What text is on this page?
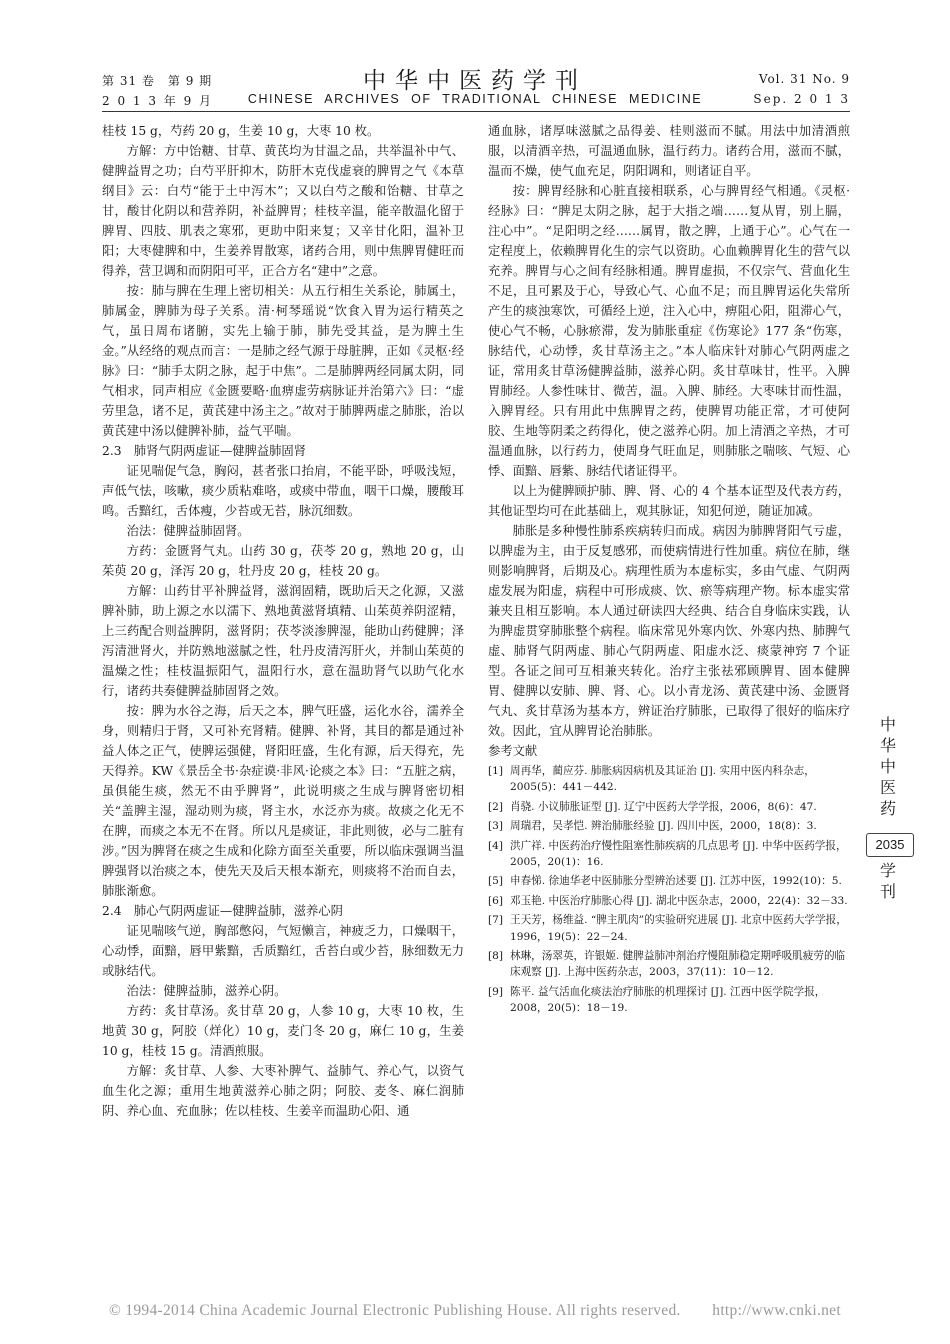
第 31 卷　第 9 期
2 0 1 3 年 9 月
中华中医药学刊
CHINESE ARCHIVES OF TRADITIONAL CHINESE MEDICINE
Vol. 31 No. 9
Sep. 2 0 1 3

桂枝 15 g，芍药 20 g，生姜 10 g，大枣 10 枚。

方解：方中饴糖、甘草、黄芪均为甘温之品，共举温补中气、健脾益胃之功；白芍平肝抑木，防肝木克伐虚衰的脾胃之气《本草纲目》云：白芍“能于土中泻木”；又以白芍之酸和饴糖、甘草之甘，酸甘化阴以和营养阴，补益脾胃；桂枝辛温，能辛散温化留于脾胃、四肢、肌表之寒邪，更助中阳来复；又辛甘化阳，温补卫阳；大枣健脾和中，生姜养胃散寒，诸药合用，则中焦脾胃健旺而得养，营卫调和而阴阳可平，正合方名“建中”之意。

按：肺与脾在生理上密切相关：从五行相生关系论，肺属土，肺属金，脾肺为母子关系。清·柯琴瑶说“饮食入胃为运行精英之气，虽日周布诸腑，实先上输于肺，肺先受其益，是为脾土生金。”从经络的观点而言：一是肺之经气源于母脏脾，正如《灵枢·经脉》曰：“肺手太阴之脉，起于中焦”。二是肺脾两经同属太阴，同气相求，同声相应《金匮要略·血痹虚劳病脉证并治第六》曰：“虚劳里急，诸不足，黄芪建中汤主之。”故对于肺脾两虚之肺胀，治以黄芪建中汤以健脾补肺，益气平喘。

2.3　肺肾气阴两虚证—健脾益肺固肾

证见喘促气急，胸闷，甚者张口抬肩，不能平卧，呼吸浅短，声低气怯，咳嗽，痰少质粘难咯，或痰中带血，咽干口燥，腰酸耳鸣。舌黯红，舌体瘦，少苔或无苔，脉沉细数。

治法：健脾益肺固肾。

方药：金匮肾气丸。山药 30 g，茯苓 20 g，熟地 20 g，山茱萸 20 g，泽泻 20 g，牡丹皮 20 g，桂枝 20 g。

方解：山药甘平补脾益肾，滋润固精，既助后天之化源，又滋脾补肺，助上源之水以濡下、熟地黄滋肾填精、山茱萸养阴涩精，上三药配合则益脾阴，滋肾阴；茯苓淡渗脾湿，能助山药健脾；泽泻清泄肾火，并防熟地滋腻之性，牡丹皮清泻肝火，并制山茱萸的温燥之性；桂枝温振阳气，温阳行水，意在温助肾气以助气化水行，诸药共奏健脾益肺固肾之效。

按：脾为水谷之海，后天之本，脾气旺盛，运化水谷，濡养全身，则精归于肾，又可补充肾精。健脾、补肾，其目的都是通过补益人体之正气，使脾运强健，肾阳旺盛，生化有源，后天得充，先天得养。KW《景岳全书·杂症谟·非风·论痰之本》曰：“五脏之病，虽俱能生痰，然无不由乎脾肾”，此说明痰之生成与脾肾密切相关“盖脾主湿，湿动则为痰，肾主水，水泛亦为痰。故痰之化无不在脾，而痰之本无不在肾。所以凡是痰证，非此则彼，必与二脏有涉。”因为脾肾在痰之生成和化除方面至关重要，所以临床强调当温脾强肾以治痰之本，使先天及后天根本渐充，则痰将不治而自去，肺胀渐愈。

2.4　肺心气阴两虚证—健脾益肺，滋养心阴

证见喘咳气逆，胸部憋闷，气短懒言，神疲乏力，口燥咽干，心动悸，面黯，唇甲紫黯，舌质黯红，舌苔白或少苔，脉细数无力或脉结代。

治法：健脾益肺，滋养心阴。

方药：炙甘草汤。炙甘草 20 g，人参 10 g，大枣 10 枚，生地黄 30 g，阿胶（烊化）10 g，麦门冬 20 g，麻仁 10 g，生姜 10 g，桂枝 15 g。清酒煎服。

方解：炙甘草、人参、大枣补脾气、益肺气、养心气，以资气血生化之源；重用生地黄滋养心肺之阴；阿胶、麦冬、麻仁润肺阴、养心血、充血脉；佐以桂枝、生姜辛而温助心阳、通

通血脉，诸厚味滋腻之品得姜、桂则滋而不腻。用法中加清酒煎服，以清酒辛热，可温通血脉，温行药力。诸药合用，滋而不腻，温而不燥，使气血充足，阴阳调和，则诸证自平。

按：脾胃经脉和心脏直接相联系，心与脾胃经气相通。《灵枢·经脉》曰：“脾足太阴之脉，起于大指之端……复从胃，别上膈，注心中”。“足阳明之经……属胃，散之脾，上通于心”。心气在一定程度上，依赖脾胃化生的宗气以资助。心血赖脾胃化生的营气以充养。脾胃与心之间有经脉相通。脾胃虚损，不仅宗气、营血化生不足，且可累及于心，导致心气、心血不足；而且脾胃运化失常所产生的痰浊寒饮，可循经上逆，注入心中，痹阻心阳，阻滞心气，使心气不畅，心脉瘀滞，发为肺胀重症《伤寒论》177 条“伤寒，脉结代，心动悸，炙甘草汤主之。”本人临床针对肺心气阴两虚之证，常用炙甘草汤健脾益肺，滋养心阴。炙甘草味甘，性平。入脾胃肺经。人参性味甘、微苦，温。入脾、肺经。大枣味甘而性温，入脾胃经。只有用此中焦脾胃之药，使脾胃功能正常，才可使阿胶、生地等阴柔之药得化，使之滋养心阴。加上清酒之辛热，才可温通血脉，以行药力，使周身气旺血足，则肺胀之喘咳、气短、心悸、面黯、唇紫、脉结代诸证得平。

以上为健脾顾护肺、脾、肾、心的 4 个基本证型及代表方药，其他证型均可在此基础上，观其脉证，知犯何逆，随证加减。

肺胀是多种慢性肺系疾病转归而成。病因为肺脾肾阳气亏虚，以脾虚为主，由于反复感邪，而使病情进行性加重。病位在肺，继则影响脾肾，后期及心。病理性质为本虚标实，多由气虚、气阴两虚发展为阳虚，病程中可形成痰、饮、瘀等病理产物。标本虚实常兼夹且相互影响。本人通过研读四大经典、结合自身临床实践，认为脾虚贯穿肺胀整个病程。临床常见外寒内饮、外寒内热、肺脾气虚、肺肾气阴两虚、肺心气阴两虚、阳虚水泛、痰蒙神窍 7 个证型。各证之间可互相兼夹转化。治疗主张祛邪顾脾胃、固本健脾胃、健脾以安肺、脾、肾、心。以小青龙汤、黄芪建中汤、金匮肾气丸、炙甘草汤为基本方，辨证治疗肺胀，已取得了很好的临床疗效。因此，宜从脾胃论治肺胀。

参考文献

[1] 周再华，蔺应芬. 肺胀病因病机及其证治 [J]. 实用中医内科杂志，2005(5)：441－442.
[2] 肖骁. 小议肺胀证型 [J]. 辽宁中医药大学学报，2006，8(6)：47.
[3] 周瑞君，吴孝恺. 辨治肺胀经验 [J]. 四川中医，2000，18(8)：3.
[4] 洪广祥. 中医药治疗慢性阻塞性肺疾病的几点思考 [J]. 中华中医药学报，2005，20(1)：16.
[5] 申春悌. 徐迪华老中医肺胀分型辨治述要 [J]. 江苏中医，1992(10)：5.
[6] 邓玉艳. 中医治疗肺胀心得 [J]. 湖北中医杂志，2000，22(4)：32－33.
[7] 王天芳，杨维益. “脾主肌肉”的实验研究进展 [J]. 北京中医药大学学报，1996，19(5)：22－24.
[8] 林琳，汤翠英，许银姬. 健脾益肺冲剂治疗慢阻肺稳定期呼吸肌疲劳的临床观察 [J]. 上海中医药杂志，2003，37(11)：10－12.
[9] 陈平. 益气活血化痰法治疗肺胀的机理探讨 [J]. 江西中医学院学报，2008，20(5)：18－19.
中
华
中
医
药
2035
学
刊
© 1994-2014 China Academic Journal Electronic Publishing House. All rights reserved.　　http://www.cnki.net
